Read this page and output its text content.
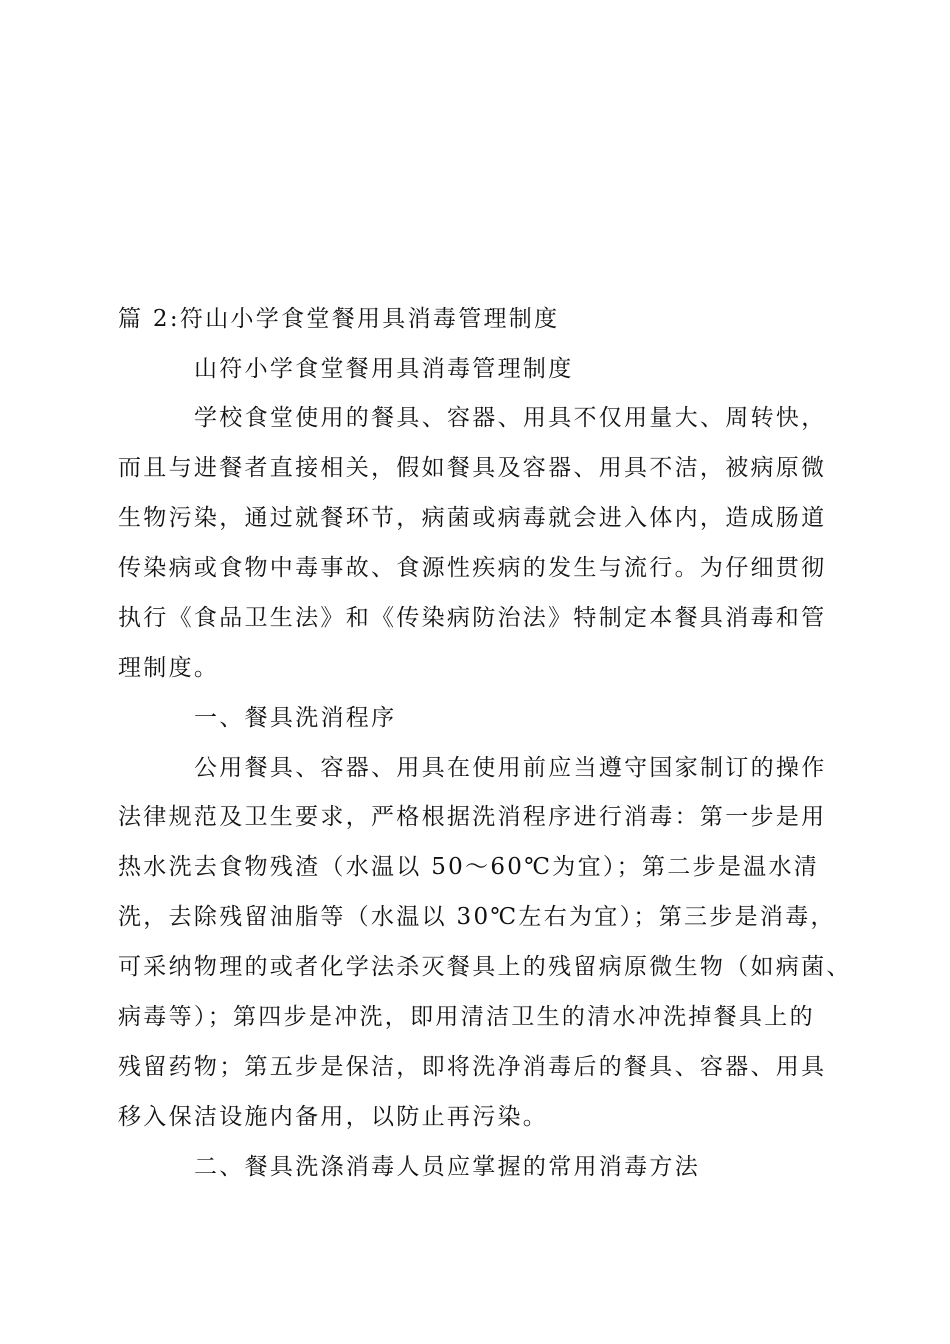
篇 2:符山小学食堂餐用具消毒管理制度
山符小学食堂餐用具消毒管理制度
学校食堂使用的餐具、容器、用具不仅用量大、周转快，
而且与进餐者直接相关，假如餐具及容器、用具不洁，被病原微
生物污染，通过就餐环节，病菌或病毒就会进入体内，造成肠道
传染病或食物中毒事故、食源性疾病的发生与流行。为仔细贯彻
执行《食品卫生法》和《传染病防治法》特制定本餐具消毒和管
理制度。
一、餐具洗消程序
公用餐具、容器、用具在使用前应当遵守国家制订的操作
法律规范及卫生要求，严格根据洗消程序进行消毒：第一步是用
热水洗去食物残渣（水温以 50～60℃为宜）；第二步是温水清
洗，去除残留油脂等（水温以 30℃左右为宜）；第三步是消毒，
可采纳物理的或者化学法杀灭餐具上的残留病原微生物（如病菌、
病毒等）；第四步是冲洗，即用清洁卫生的清水冲洗掉餐具上的
残留药物；第五步是保洁，即将洗净消毒后的餐具、容器、用具
移入保洁设施内备用，以防止再污染。
二、餐具洗涤消毒人员应掌握的常用消毒方法
